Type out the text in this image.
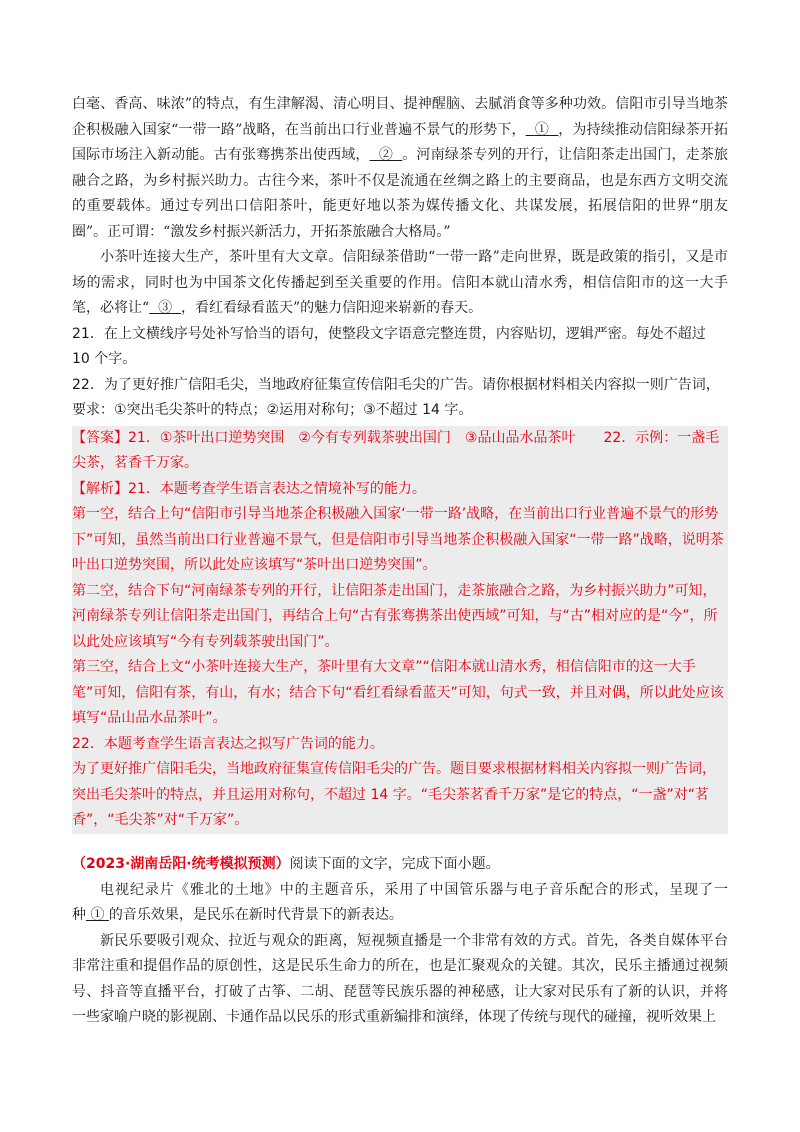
白毫、香高、味浓”的特点，有生津解渴、清心明目、提神醒脑、去腻消食等多种功效。信阳市引导当地茶企积极融入国家“一带一路”战略，在当前出口行业普遍不景气的形势下， ① ，为持续推动信阳绿茶开拓国际市场注入新动能。古有张骞携茶出使西域， ② 。河南绿茶专列的开行，让信阳茶走出国门，走茶旅融合之路，为乡村振兴助力。古往今来，茶叶不仅是流通在丝绸之路上的主要商品，也是东西方文明交流的重要载体。通过专列出口信阳茶叶，能更好地以茶为媒传播文化、共谋发展，拓展信阳的世界“朋友圈”。正可谓：“激发乡村振兴新活力，开拓茶旅融合大格局。”

小茶叶连接大生产，茶叶里有大文章。信阳绿茶借助“一带一路”走向世界，既是政策的指引，又是市场的需求，同时也为中国茶文化传播起到至关重要的作用。信阳本就山清水秀，相信信阳市的这一大手笔，必将让“ ③ ，看红看绿看蓝天”的魅力信阳迎来崭新的春天。

21．在上文横线序号处补写恰当的语句，使整段文字语意完整连贯，内容贴切，逻辑严密。每处不超过 10 个字。

22．为了更好推广信阳毛尖，当地政府征集宣传信阳毛尖的广告。请你根据材料相关内容拟一则广告词，要求：①突出毛尖茶叶的特点；②运用对称句；③不超过 14 字。

【答案】21．①茶叶出口逆势突围　②今有专列载茶驶出国门　③品山品水品茶叶　　22．示例：一盏毛尖茶，茗香千万家。

【解析】21．本题考查学生语言表达之情境补写的能力。

第一空，结合上句“信阳市引导当地茶企积极融入国家‘一带一路’战略，在当前出口行业普遍不景气的形势下”可知，虽然当前出口行业普遍不景气，但是信阳市引导当地茶企积极融入国家“一带一路”战略，说明茶叶出口逆势突围，所以此处应该填写“茶叶出口逆势突围”。

第二空，结合下句“河南绿茶专列的开行，让信阳茶走出国门，走茶旅融合之路，为乡村振兴助力”可知，河南绿茶专列让信阳茶走出国门，再结合上句“古有张骞携茶出使西域”可知，与“古”相对应的是“今”，所以此处应该填写“今有专列载茶驶出国门”。

第三空，结合上文“小茶叶连接大生产，茶叶里有大文章”“信阳本就山清水秀，相信信阳市的这一大手笔”可知，信阳有茶，有山，有水；结合下句“看红看绿看蓝天”可知，句式一致，并且对偶，所以此处应该填写“品山品水品茶叶”。

22．本题考查学生语言表达之拟写广告词的能力。

为了更好推广信阳毛尖，当地政府征集宣传信阳毛尖的广告。题目要求根据材料相关内容拟一则广告词，突出毛尖茶叶的特点，并且运用对称句，不超过 14 字。“毛尖茶茗香千万家”是它的特点，“一盏”对“茗香”，“毛尖茶”对“千万家”。

（2023·湖南岳阳·统考模拟预测）阅读下面的文字，完成下面小题。

电视纪录片《雅北的土地》中的主题音乐，采用了中国管乐器与电子音乐配合的形式，呈现了一种 ① 的音乐效果，是民乐在新时代背景下的新表达。

新民乐要吸引观众、拉近与观众的距离，短视频直播是一个非常有效的方式。首先，各类自媒体平台非常注重和提倡作品的原创性，这是民乐生命力的所在，也是汇聚观众的关键。其次，民乐主播通过视频号、抖音等直播平台，打破了古筝、二胡、琵琶等民族乐器的神秘感，让大家对民乐有了新的认识，并将一些家喻户晓的影视剧、卡通作品以民乐的形式重新编排和演绎，体现了传统与现代的碰撞，视听效果上
